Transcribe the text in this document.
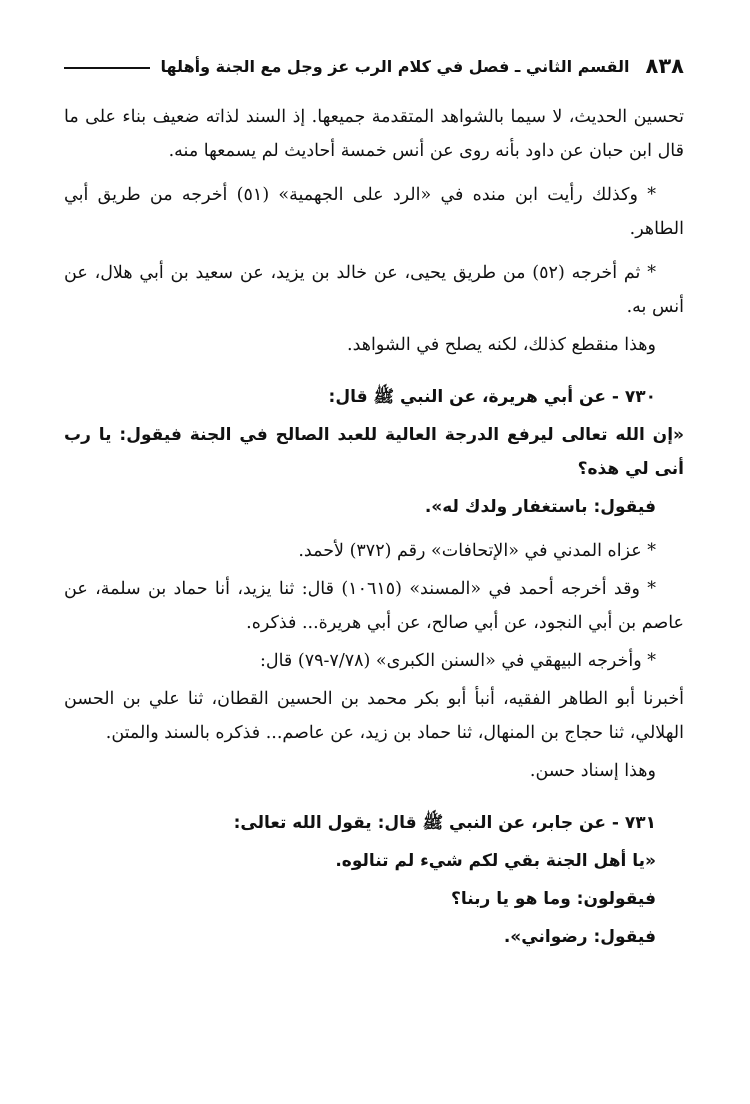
٨٣٨
القسم الثاني ـ فصل في كلام الرب عز وجل مع الجنة وأهلها

تحسين الحديث، لا سيما بالشواهد المتقدمة جميعها. إذ السند لذاته ضعيف بناء على ما قال ابن حبان عن داود بأنه روى عن أنس خمسة أحاديث لم يسمعها منه.

* وكذلك رأيت ابن منده في «الرد على الجهمية» (٥١) أخرجه من طريق أبي الطاهر.

* ثم أخرجه (٥٢) من طريق يحيى، عن خالد بن يزيد، عن سعيد بن أبي هلال، عن أنس به.

وهذا منقطع كذلك، لكنه يصلح في الشواهد.

٧٣٠ - عن أبي هريرة، عن النبي ﷺ قال:

«إن الله تعالى ليرفع الدرجة العالية للعبد الصالح في الجنة فيقول: يا رب أنى لي هذه؟

فيقول: باستغفار ولدك له».

* عزاه المدني في «الإتحافات» رقم (٣٧٢) لأحمد.

* وقد أخرجه أحمد في «المسند» (١٠٦١٥) قال: ثنا يزيد، أنا حماد بن سلمة، عن عاصم بن أبي النجود، عن أبي صالح، عن أبي هريرة... فذكره.

* وأخرجه البيهقي في «السنن الكبرى» (٧/٧٨-٧٩) قال:

أخبرنا أبو الطاهر الفقيه، أنبأ أبو بكر محمد بن الحسين القطان، ثنا علي بن الحسن الهلالي، ثنا حجاج بن المنهال، ثنا حماد بن زيد، عن عاصم... فذكره بالسند والمتن.

وهذا إسناد حسن.

٧٣١ - عن جابر، عن النبي ﷺ قال: يقول الله تعالى:

«يا أهل الجنة بقي لكم شيء لم تنالوه.

فيقولون: وما هو يا ربنا؟

فيقول: رضواني».
